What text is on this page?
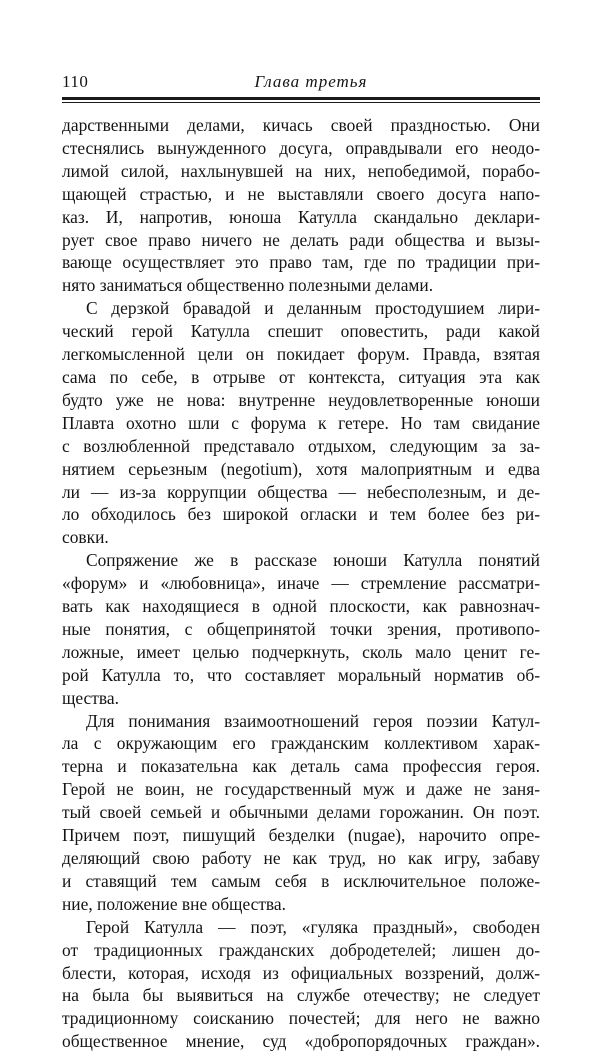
110	Глава третья
дарственными делами, кичась своей праздностью. Они
стеснялись вынужденного досуга, оправдывали его неодо-
лимой силой, нахлынувшей на них, непобедимой, порабо-
щающей страстью, и не выставляли своего досуга напо-
каз. И, напротив, юноша Катулла скандально деклари-
рует свое право ничего не делать ради общества и вызы-
вающе осуществляет это право там, где по традиции при-
нято заниматься общественно полезными делами.
С дерзкой бравадой и деланным простодушием лири-
ческий герой Катулла спешит оповестить, ради какой
легкомысленной цели он покидает форум. Правда, взятая
сама по себе, в отрыве от контекста, ситуация эта как
будто уже не нова: внутренне неудовлетворенные юноши
Плавта охотно шли с форума к гетере. Но там свидание
с возлюбленной представало отдыхом, следующим за за-
нятием серьезным (negotium), хотя малоприятным и едва
ли — из-за коррупции общества — небесполезным, и де-
ло обходилось без широкой огласки и тем более без ри-
совки.
Сопряжение же в рассказе юноши Катулла понятий
«форум» и «любовница», иначе — стремление рассматри-
вать как находящиеся в одной плоскости, как равнознач-
ные понятия, с общепринятой точки зрения, противопо-
ложные, имеет целью подчеркнуть, сколь мало ценит ге-
рой Катулла то, что составляет моральный норматив об-
щества.
Для понимания взаимоотношений героя поэзии Катул-
ла с окружающим его гражданским коллективом харак-
терна и показательна как деталь сама профессия героя.
Герой не воин, не государственный муж и даже не заня-
тый своей семьей и обычными делами горожанин. Он поэт.
Причем поэт, пишущий безделки (nugae), нарочито опре-
деляющий свою работу не как труд, но как игру, забаву
и ставящий тем самым себя в исключительное положе-
ние, положение вне общества.
Герой Катулла — поэт, «гуляка праздный», свободен
от традиционных гражданских добродетелей; лишен до-
блести, которая, исходя из официальных воззрений, долж-
на была бы выявиться на службе отечеству; не следует
традиционному соисканию почестей; для него не важно
общественное мнение, суд «добропорядочных граждан».
